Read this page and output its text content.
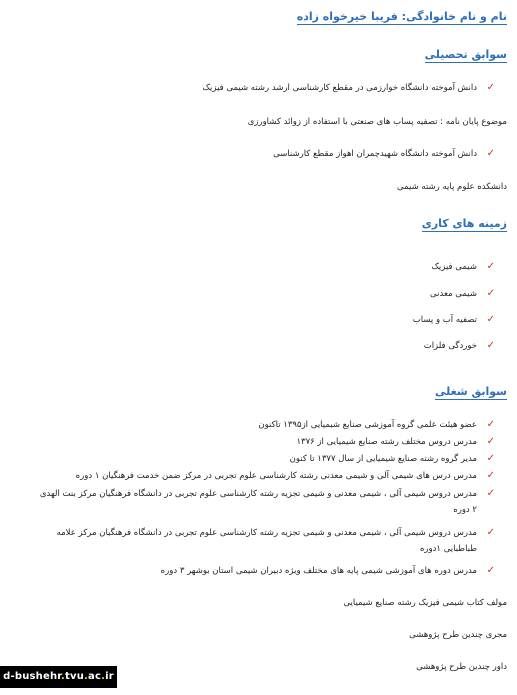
نام و نام خانوادگی: فریبا خیرخواه زاده
سوابق تحصیلی
✓
دانش آموخته دانشگاه خوارزمی در مقطع کارشناسی ارشد رشته شیمی فیزیک
موضوع پایان نامه : تصفیه پساب های صنعتی با استفاده از زوائد کشاورزی
✓
دانش آموخته دانشگاه شهیدچمران اهواز مقطع کارشناسی
دانشکده علوم پایه رشته شیمی
زمینه های کاری
✓
شیمی فیزیک
✓
شیمی معدنی
✓
تصفیه آب و پساب
✓
خوردگی فلزات
سوابق شغلی
✓
عضو هیئت علمی گروه آموزشی صنایع شیمیایی از۱۳۹۵ تاکنون
✓
مدرس دروس مختلف رشته صنایع شیمیایی از ۱۳۷۶
✓
مدیر گروه رشته صنایع شیمیایی از سال ۱۳۷۷ تا کنون
✓
مدرس درس های شیمی آلی و شیمی معدنی رشته کارشناسی علوم تجربی در مرکز ضمن خدمت فرهنگیان ۱ دوره
✓
مدرس دروس شیمی آلی ، شیمی معدنی و شیمی تجزیه رشته کارشناسی علوم تجربی در دانشگاه فرهنگیان مرکز بنت الهدی ۲ دوره
✓
مدرس دروس شیمی آلی ، شیمی معدنی و شیمی تجزیه رشته کارشناسی علوم تجربی در دانشگاه فرهنگیان مرکز علامه طباطبایی ۱دوره
✓
مدرس دوره های آموزشی شیمی پایه های مختلف ویژه دبیران شیمی استان بوشهر ۳ دوره
مولف کتاب شیمی فیزیک رشته صنایع شیمیایی
مجری چندین طرح پژوهشی
داور چندین طرح پژوهشی
d-bushehr.tvu.ac.ir
